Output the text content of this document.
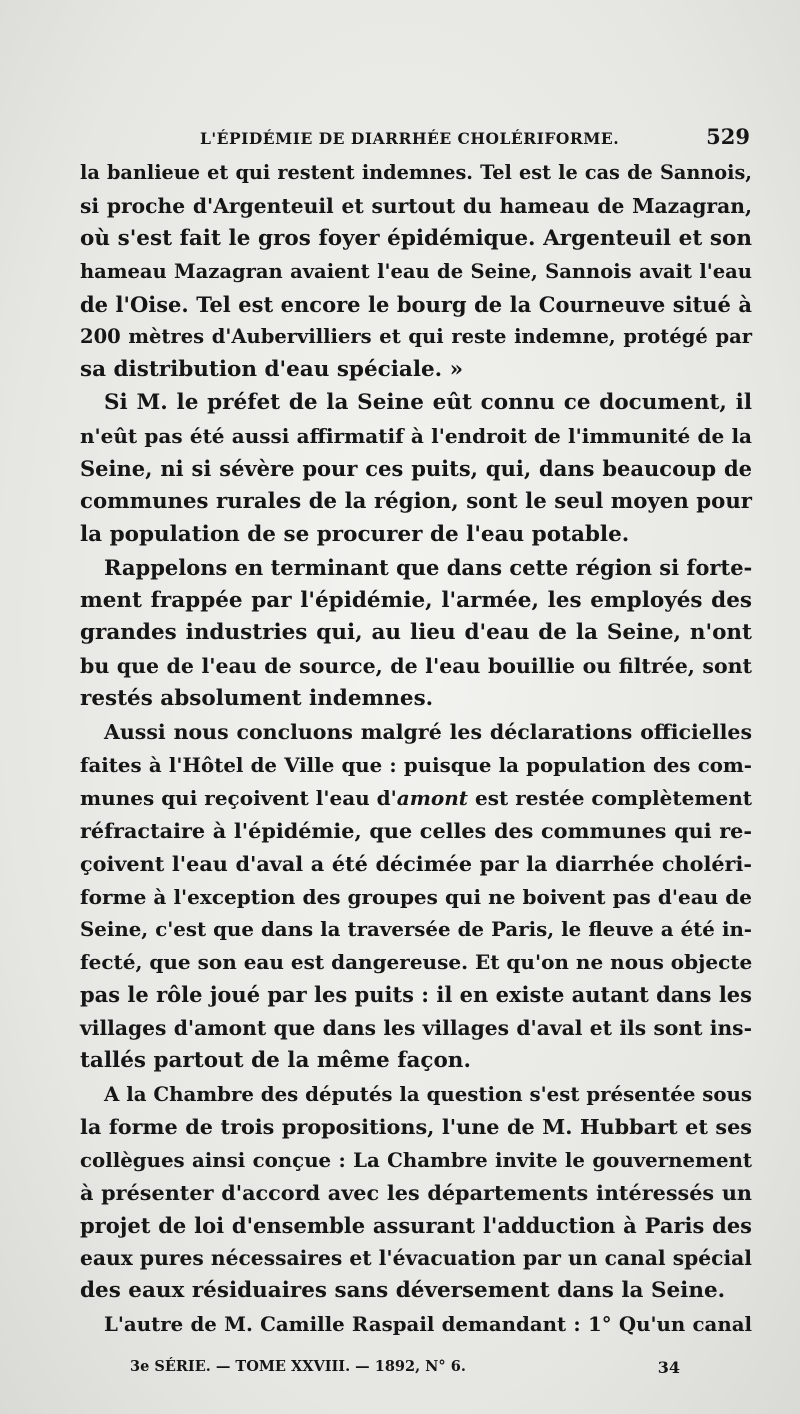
L'ÉPIDÉMIE DE DIARRHÉE CHOLÉRIFORME.	529
la banlieue et qui restent indemnes. Tel est le cas de Sannois,
si proche d'Argenteuil et surtout du hameau de Mazagran,
où s'est fait le gros foyer épidémique. Argenteuil et son
hameau Mazagran avaient l'eau de Seine, Sannois avait l'eau
de l'Oise. Tel est encore le bourg de la Courneuve situé à
200 mètres d'Aubervilliers et qui reste indemne, protégé par
sa distribution d'eau spéciale. »
Si M. le préfet de la Seine eût connu ce document, il
n'eût pas été aussi affirmatif à l'endroit de l'immunité de la
Seine, ni si sévère pour ces puits, qui, dans beaucoup de
communes rurales de la région, sont le seul moyen pour
la population de se procurer de l'eau potable.
Rappelons en terminant que dans cette région si forte-
ment frappée par l'épidémie, l'armée, les employés des
grandes industries qui, au lieu d'eau de la Seine, n'ont
bu que de l'eau de source, de l'eau bouillie ou filtrée, sont
restés absolument indemnes.
Aussi nous concluons malgré les déclarations officielles
faites à l'Hôtel de Ville que : puisque la population des com-
munes qui reçoivent l'eau d'amont est restée complètement
réfractaire à l'épidémie, que celles des communes qui re-
çoivent l'eau d'aval a été décimée par la diarrhée choléri-
forme à l'exception des groupes qui ne boivent pas d'eau de
Seine, c'est que dans la traversée de Paris, le fleuve a été in-
fecté, que son eau est dangereuse. Et qu'on ne nous objecte
pas le rôle joué par les puits : il en existe autant dans les
villages d'amont que dans les villages d'aval et ils sont ins-
tallés partout de la même façon.
A la Chambre des députés la question s'est présentée sous
la forme de trois propositions, l'une de M. Hubbart et ses
collègues ainsi conçue : La Chambre invite le gouvernement
à présenter d'accord avec les départements intéressés un
projet de loi d'ensemble assurant l'adduction à Paris des
eaux pures nécessaires et l'évacuation par un canal spécial
des eaux résiduaires sans déversement dans la Seine.
L'autre de M. Camille Raspail demandant : 1° Qu'un canal
3e SÉRIE. — TOME XXVIII. — 1892, N° 6.	34
